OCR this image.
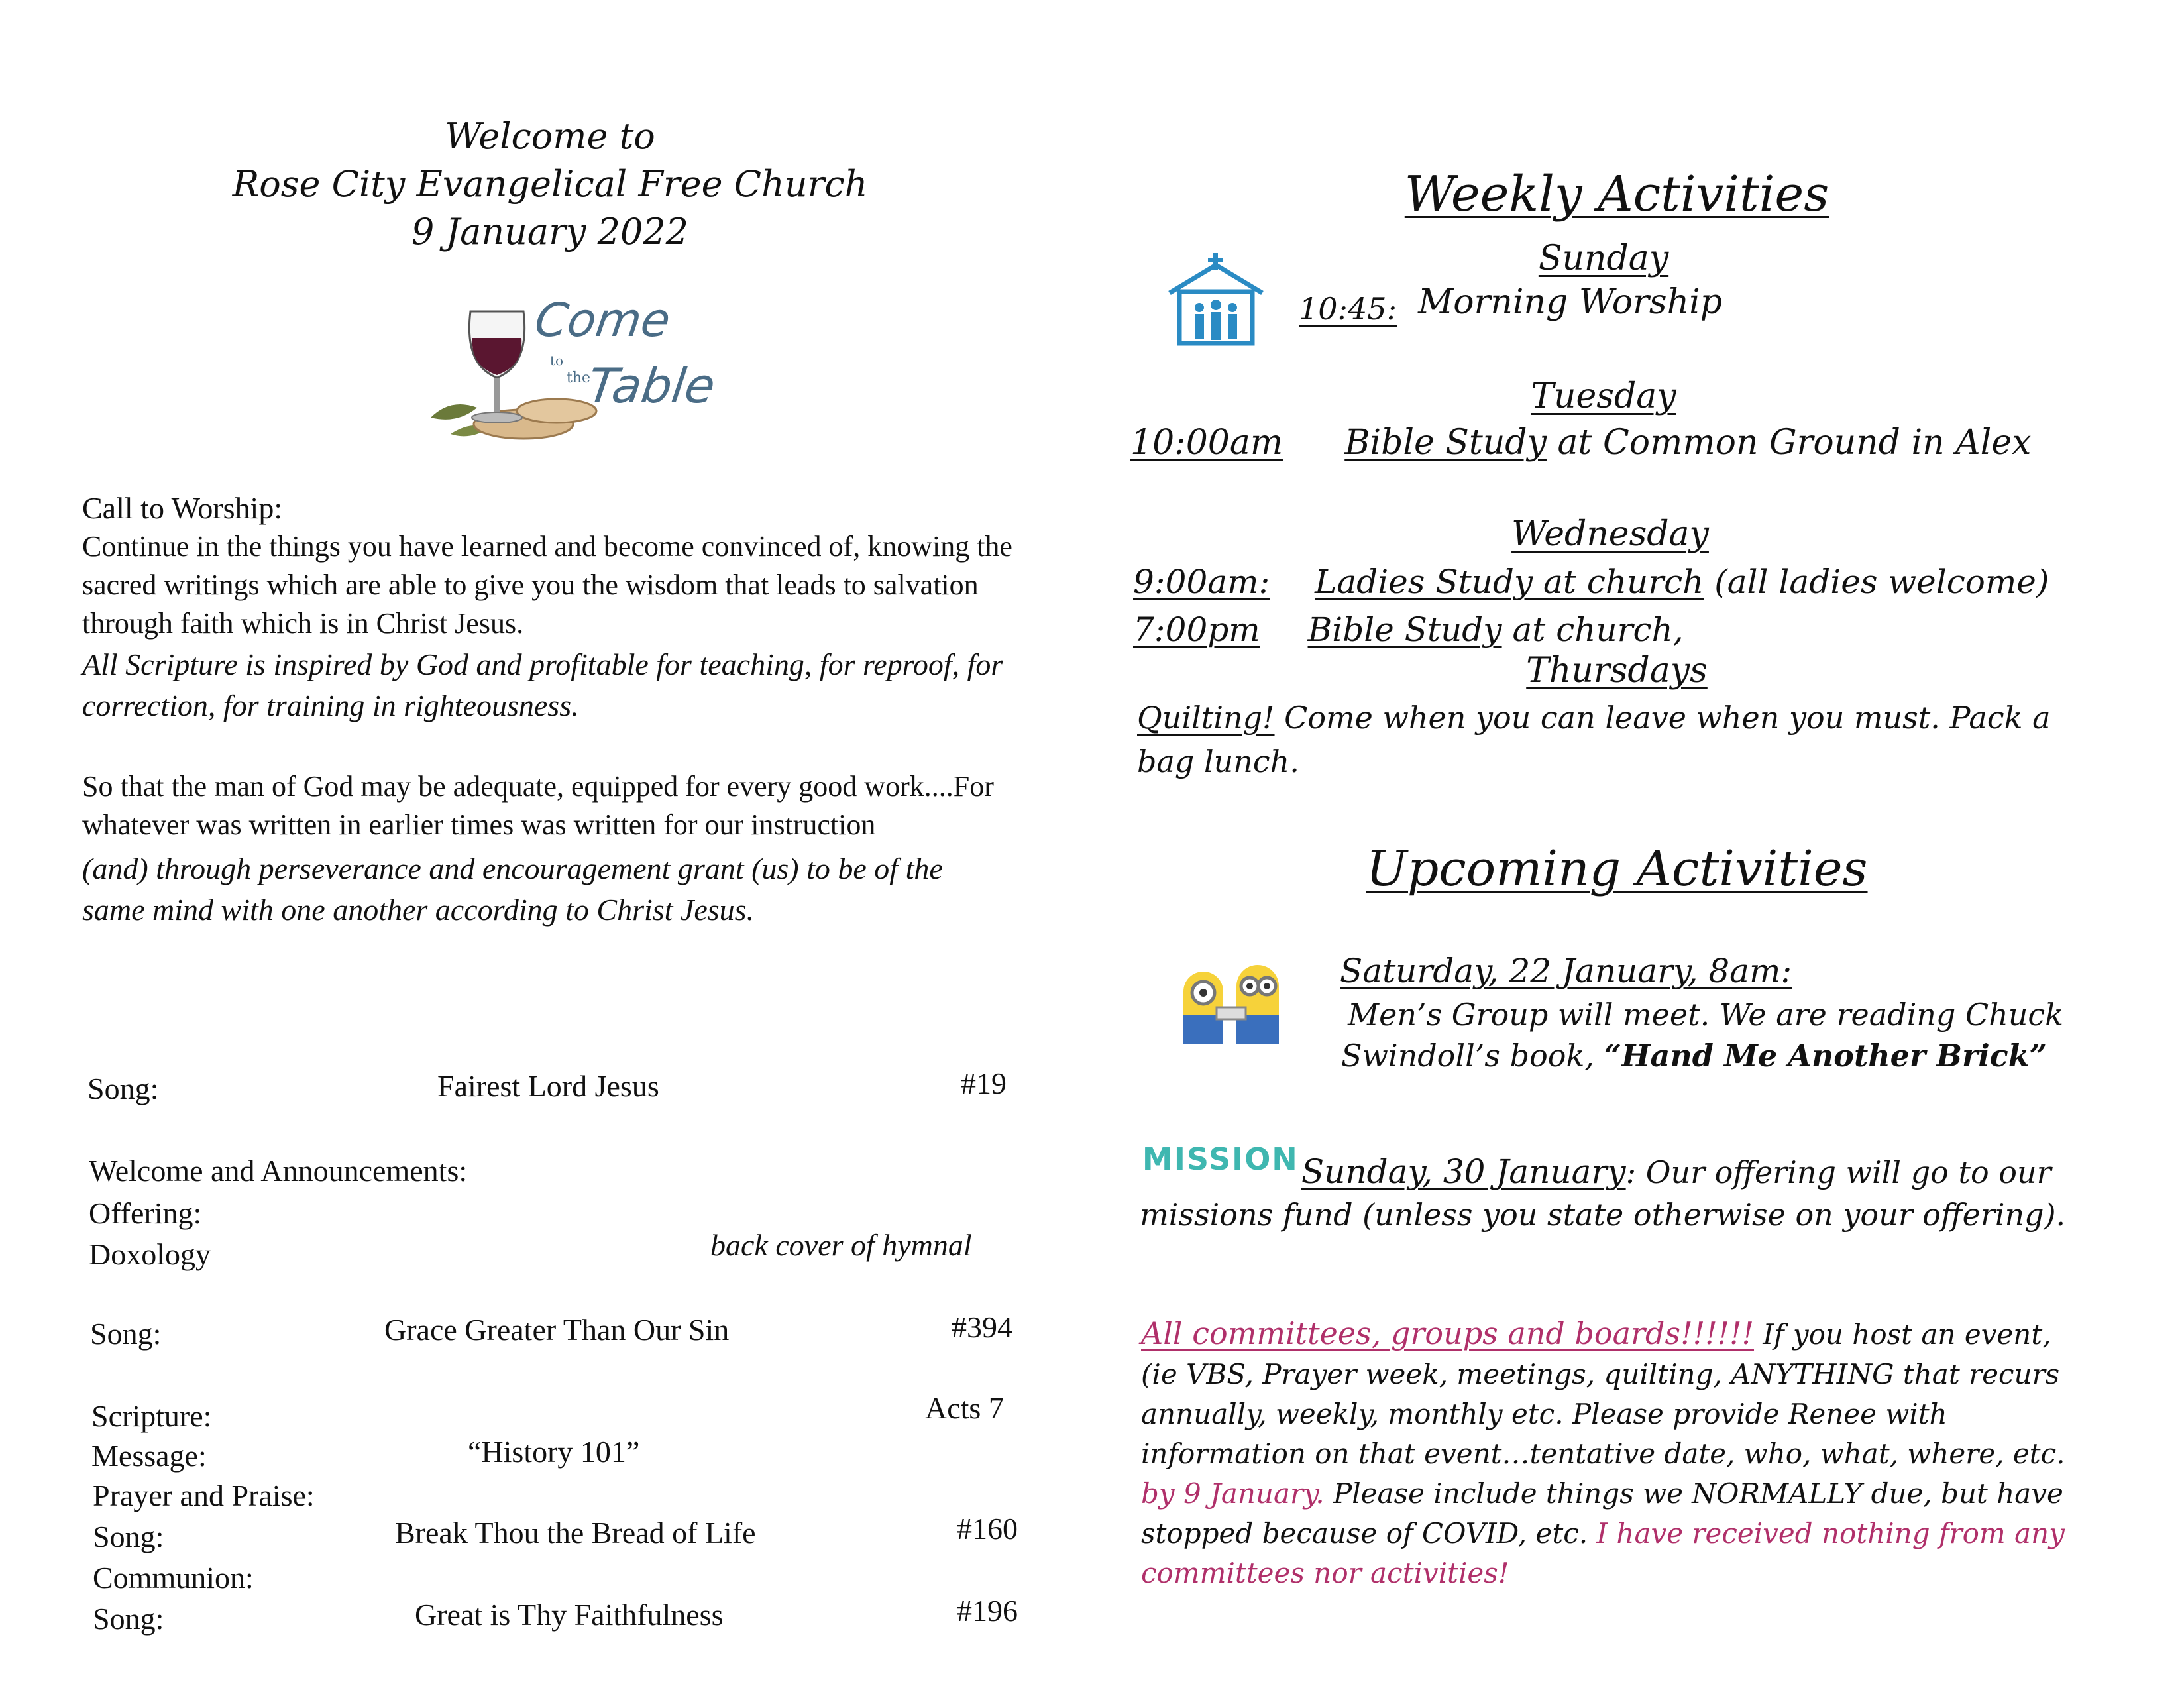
Welcome to
Rose City Evangelical Free Church
9 January 2022
Come
to
the
Table
Call to Worship:
Continue in the things you have learned and become convinced of, knowing the sacred writings which are able to give you the wisdom that leads to salvation through faith which is in Christ Jesus.
All Scripture is inspired by God and profitable for teaching, for reproof, for correction, for training in righteousness.
So that the man of God may be adequate, equipped for every good work....For whatever was written in earlier times was written for our instruction
(and) through perseverance and encouragement grant (us) to be of the same mind with one another according to Christ Jesus.
Song:	Fairest Lord Jesus	#19
Welcome and Announcements:
Offering:
Doxology	back cover of hymnal
Song:	Grace Greater Than Our Sin	#394
Scripture:	Acts 7
Message:	“History 101”
Prayer and Praise:
Song:	Break Thou the Bread of Life	#160
Communion:
Song:	Great is Thy Faithfulness	#196
Weekly Activities
Sunday
10:45: Morning Worship
Tuesday
10:00am Bible Study at Common Ground in Alex
Wednesday
9:00am: Ladies Study at church (all ladies welcome)
7:00pm Bible Study at church,
Thursdays
Quilting! Come when you can leave when you must. Pack a bag lunch.
Upcoming Activities
Saturday, 22 January, 8am:
Men’s Group will meet. We are reading Chuck
Swindoll’s book, “Hand Me Another Brick”
MISSION Sunday, 30 January: Our offering will go to our missions fund (unless you state otherwise on your offering).
All committees, groups and boards!!!!!! If you host an event, (ie VBS, Prayer week, meetings, quilting, ANYTHING that recurs annually, weekly, monthly etc. Please provide Renee with information on that event…tentative date, who, what, where, etc. by 9 January. Please include things we NORMALLY due, but have stopped because of COVID, etc. I have received nothing from any committees nor activities!
